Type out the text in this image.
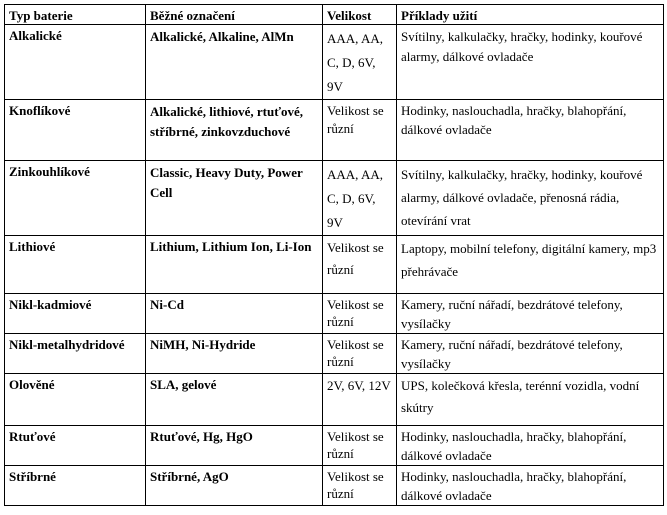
Typ baterie	Běžné označení	Velikost	Příklady užití
Alkalické	Alkalické, Alkaline, AlMn	AAA, AA, C, D, 6V, 9V	Svítilny, kalkulačky, hračky, hodinky, kouřové alarmy, dálkové ovladače
Knoflíkové	Alkalické, lithiové, rtuťové, stříbrné, zinkovzduchové	Velikost se různí	Hodinky, naslouchadla, hračky, blahopřání, dálkové ovladače
Zinkouhlíkové	Classic, Heavy Duty, Power Cell	AAA, AA, C, D, 6V, 9V	Svítilny, kalkulačky, hračky, hodinky, kouřové alarmy, dálkové ovladače, přenosná rádia, otevírání vrat
Lithiové	Lithium, Lithium Ion, Li-Ion	Velikost se různí	Laptopy, mobilní telefony, digitální kamery, mp3 přehrávače
Nikl-kadmiové	Ni-Cd	Velikost se různí	Kamery, ruční nářadí, bezdrátové telefony, vysílačky
Nikl-metalhydridové	NiMH, Ni-Hydride	Velikost se různí	Kamery, ruční nářadí, bezdrátové telefony, vysílačky
Olověné	SLA, gelové	2V, 6V, 12V	UPS, kolečková křesla, terénní vozidla, vodní skútry
Rtuťové	Rtuťové, Hg, HgO	Velikost se různí	Hodinky, naslouchadla, hračky, blahopřání, dálkové ovladače
Stříbrné	Stříbrné, AgO	Velikost se různí	Hodinky, naslouchadla, hračky, blahopřání, dálkové ovladače
